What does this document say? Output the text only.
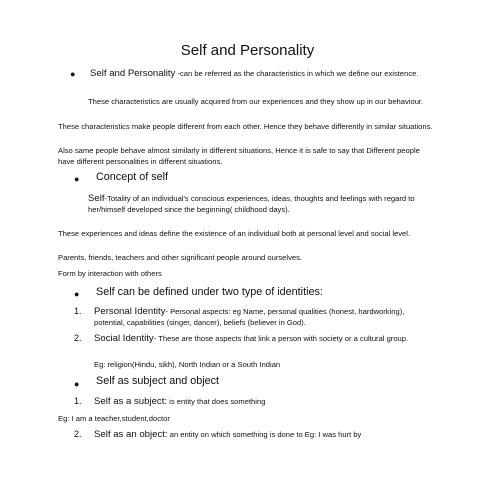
Self and Personality
● Self and Personality -can be referred as the characteristics in which we define our existence.
These characteristics are usually acquired from our experiences and they show up in our behaviour.
These characteristics make people different from each other. Hence they behave differently in similar situations.
Also same people behave almost similarly in different situations, Hence it is safe to say that Different people have different personalities in different situations.
● Concept of self
Self-Totality of an individual's conscious experiences, ideas, thoughts and feelings with regard to her/himself developed since the beginning( childhood days).
These experiences and ideas define the existence of an individual both at personal level and social level.
Parents, friends, teachers and other significant people around ourselves.
Form by interaction with others
● Self can be defined under two type of identities:
1. Personal Identity- Personal aspects: eg Name, personal qualities (honest, hardworking), potential, capabilities (singer, dancer), beliefs (believer in God).
2. Social Identity- These are those aspects that link a person with society or a cultural group.
Eg: religion(Hindu, sikh), North Indian or a South Indian
● Self as subject and object
1. Self as a subject: is entity that does something
Eg: I am a teacher,student,doctor
2. Self as an object: an entity on which something is done to Eg: I was hurt by
